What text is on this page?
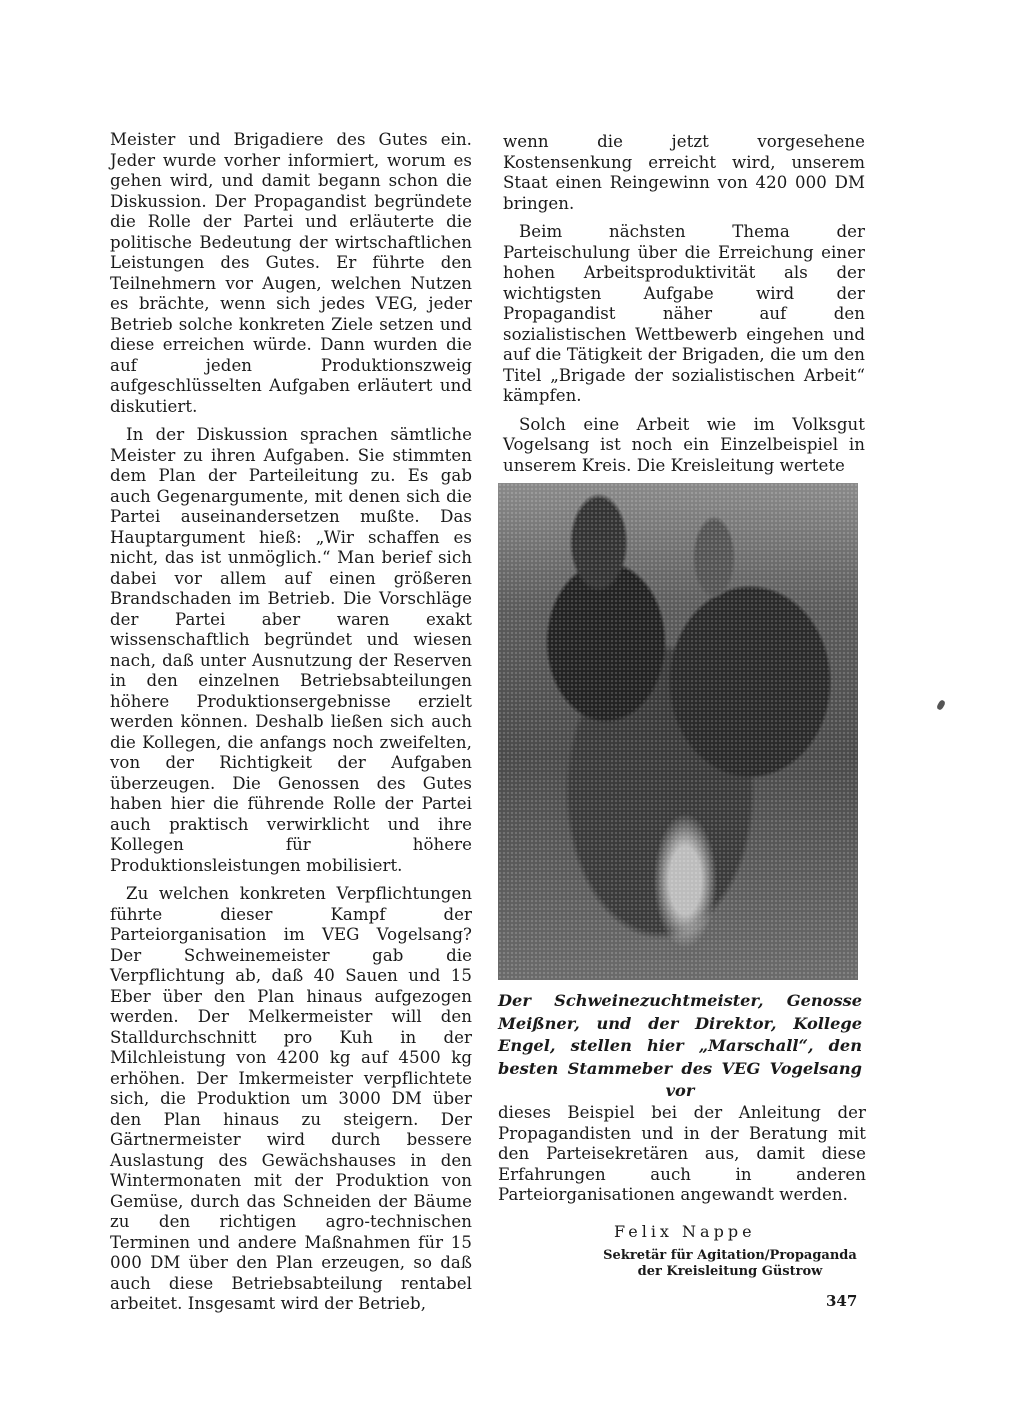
Meister und Brigadiere des Gutes ein. Jeder wurde vorher informiert, worum es gehen wird, und damit begann schon die Diskussion. Der Propagandist begründete die Rolle der Partei und erläuterte die politische Bedeutung der wirtschaftlichen Leistungen des Gutes. Er führte den Teilnehmern vor Augen, welchen Nutzen es brächte, wenn sich jedes VEG, jeder Betrieb solche konkreten Ziele setzen und diese erreichen würde. Dann wurden die auf jeden Produktionszweig aufgeschlüsselten Aufgaben erläutert und diskutiert.

In der Diskussion sprachen sämtliche Meister zu ihren Aufgaben. Sie stimmten dem Plan der Parteileitung zu. Es gab auch Gegenargumente, mit denen sich die Partei auseinandersetzen mußte. Das Hauptargument hieß: „Wir schaffen es nicht, das ist unmöglich.“ Man berief sich dabei vor allem auf einen größeren Brandschaden im Betrieb. Die Vorschläge der Partei aber waren exakt wissenschaftlich begründet und wiesen nach, daß unter Ausnutzung der Reserven in den einzelnen Betriebsabteilungen höhere Produktionsergebnisse erzielt werden können. Deshalb ließen sich auch die Kollegen, die anfangs noch zweifelten, von der Richtigkeit der Aufgaben überzeugen. Die Genossen des Gutes haben hier die führende Rolle der Partei auch praktisch verwirklicht und ihre Kollegen für höhere Produktionsleistungen mobilisiert.

Zu welchen konkreten Verpflichtungen führte dieser Kampf der Parteiorganisation im VEG Vogelsang? Der Schweinemeister gab die Verpflichtung ab, daß 40 Sauen und 15 Eber über den Plan hinaus aufgezogen werden. Der Melkermeister will den Stalldurchschnitt pro Kuh in der Milchleistung von 4200 kg auf 4500 kg erhöhen. Der Imkermeister verpflichtete sich, die Produktion um 3000 DM über den Plan hinaus zu steigern. Der Gärtnermeister wird durch bessere Auslastung des Gewächshauses in den Wintermonaten mit der Produktion von Gemüse, durch das Schneiden der Bäume zu den richtigen agro-technischen Terminen und andere Maßnahmen für 15 000 DM über den Plan erzeugen, so daß auch diese Betriebsabteilung rentabel arbeitet. Insgesamt wird der Betrieb,

wenn die jetzt vorgesehene Kostensenkung erreicht wird, unserem Staat einen Reingewinn von 420 000 DM bringen.

Beim nächsten Thema der Parteischulung über die Erreichung einer hohen Arbeitsproduktivität als der wichtigsten Aufgabe wird der Propagandist näher auf den sozialistischen Wettbewerb eingehen und auf die Tätigkeit der Brigaden, die um den Titel „Brigade der sozialistischen Arbeit“ kämpfen.

Solch eine Arbeit wie im Volksgut Vogelsang ist noch ein Einzelbeispiel in unserem Kreis. Die Kreisleitung wertete

Der Schweinezuchtmeister, Genosse Meißner, und der Direktor, Kollege Engel, stellen hier „Marschall“, den besten Stammeber des VEG Vogelsang vor

dieses Beispiel bei der Anleitung der Propagandisten und in der Beratung mit den Parteisekretären aus, damit diese Erfahrungen auch in anderen Parteiorganisationen angewandt werden.

Felix Nappe
Sekretär für Agitation/Propaganda
der Kreisleitung Güstrow
347
